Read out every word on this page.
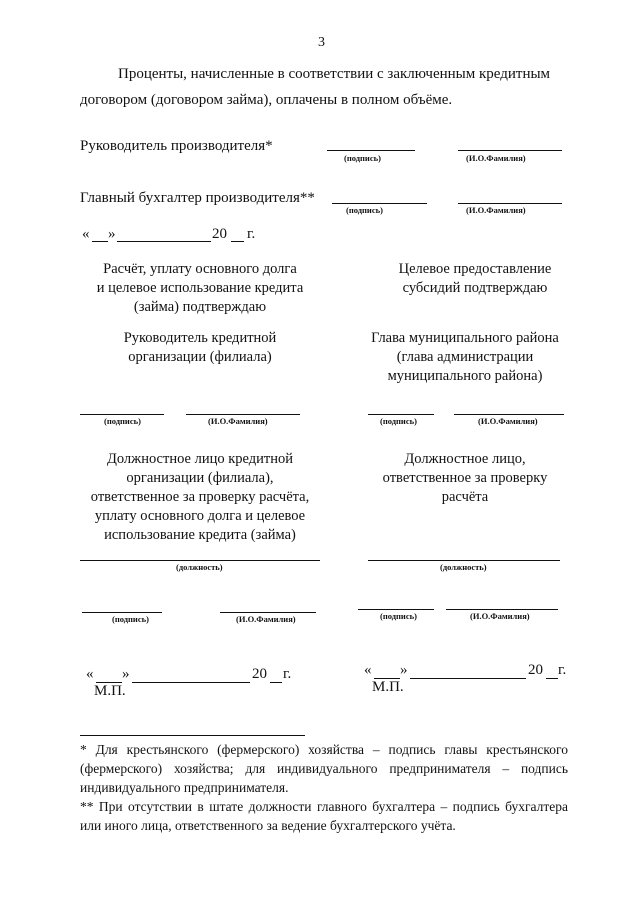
3
Проценты, начисленные в соответствии с заключенным кредитным
договором (договором займа), оплачены в полном объёме.
Руководитель производителя*
(подпись)	(И.О.Фамилия)
Главный бухгалтер производителя**
(подпись)	(И.О.Фамилия)
« »	20 г.
Расчёт, уплату основного долга
и целевое использование кредита
(займа) подтверждаю
Целевое предоставление
субсидий подтверждаю
Руководитель кредитной
организации (филиала)
Глава муниципального района
(глава администрации
муниципального района)
(подпись)	(И.О.Фамилия)	(подпись)	(И.О.Фамилия)
Должностное лицо кредитной
организации (филиала),
ответственное за проверку расчёта,
уплату основного долга и целевое
использование кредита (займа)
Должностное лицо,
ответственное за проверку
расчёта
(должность)	(должность)
(подпись)	(И.О.Фамилия)	(подпись)	(И.О.Фамилия)
« »	20 г.
М.П.
« »	20 г.
М.П.

* Для крестьянского (фермерского) хозяйства – подпись главы крестьянского (фермерского) хозяйства; для индивидуального предпринимателя – подпись индивидуального предпринимателя.

** При отсутствии в штате должности главного бухгалтера – подпись бухгалтера или иного лица, ответственного за ведение бухгалтерского учёта.
